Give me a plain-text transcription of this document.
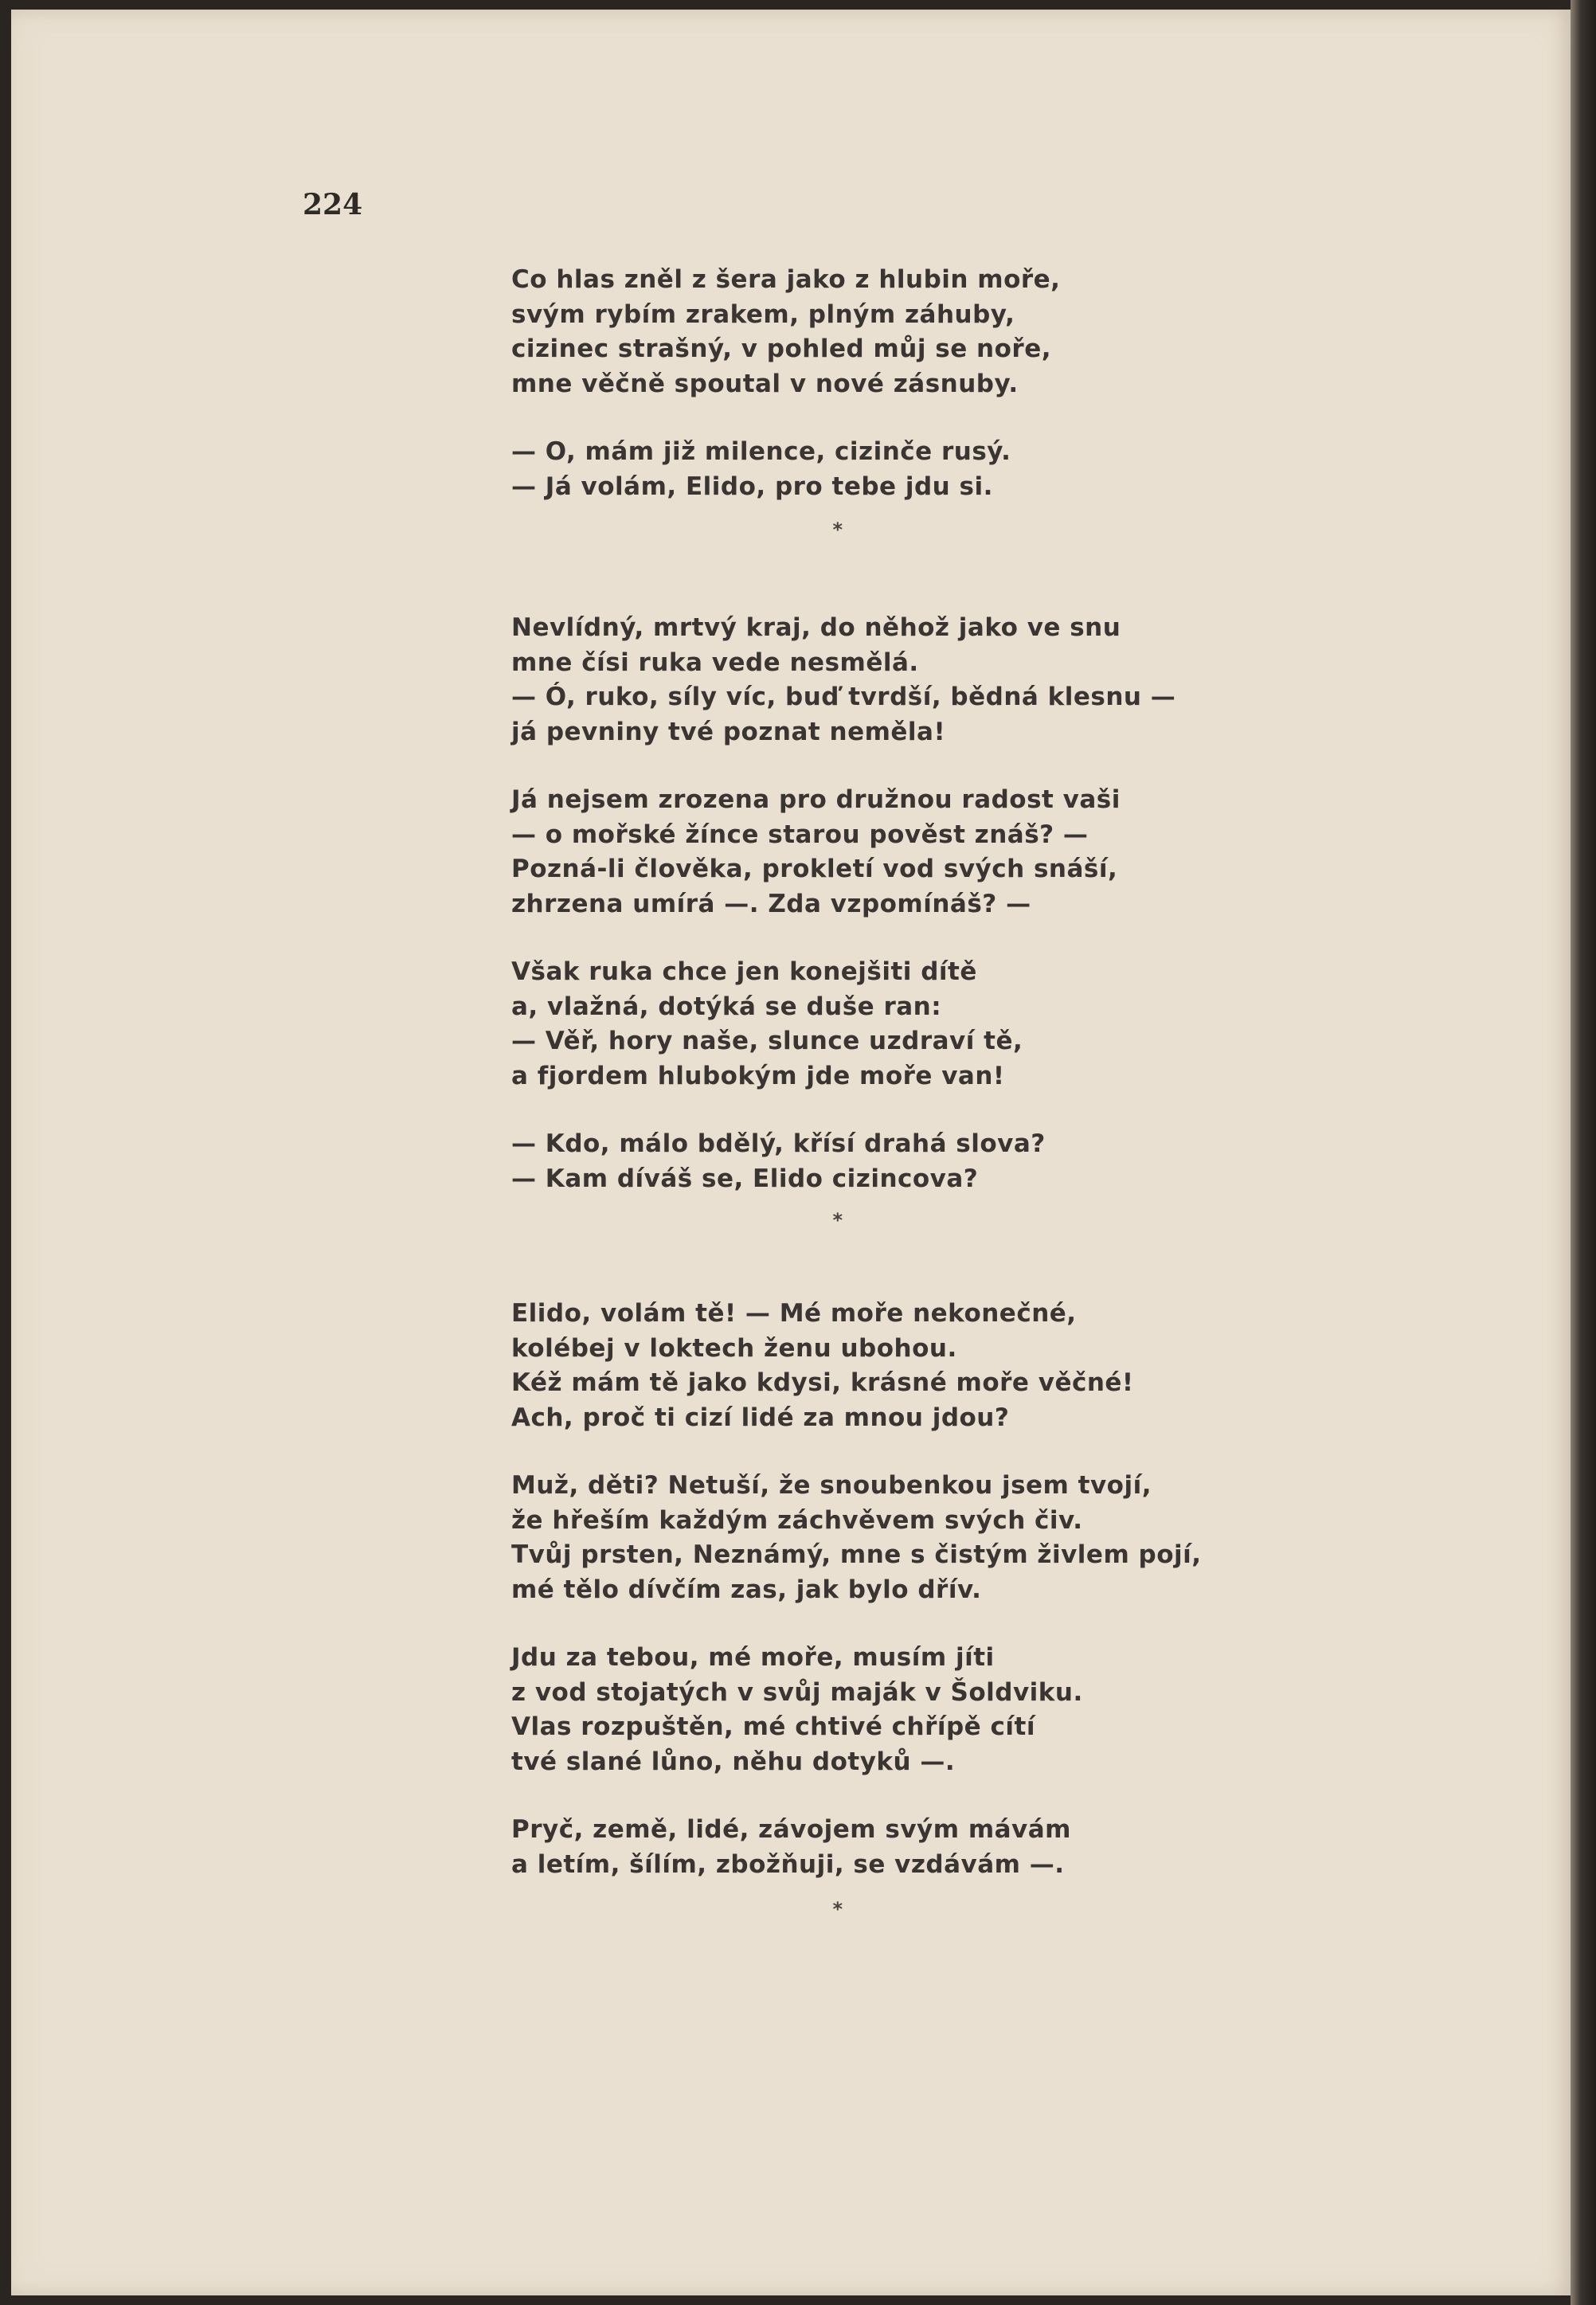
224

Co hlas zněl z šera jako z hlubin moře,
svým rybím zrakem, plným záhuby,
cizinec strašný, v pohled můj se noře,
mne věčně spoutal v nové zásnuby.
— O, mám již milence, cizinče rusý.
— Já volám, Elido, pro tebe jdu si.
*
Nevlídný, mrtvý kraj, do něhož jako ve snu
mne čísi ruka vede nesmělá.
— Ó, ruko, síly víc, buď tvrdší, bědná klesnu —
já pevniny tvé poznat neměla!
Já nejsem zrozena pro družnou radost vaši
— o mořské žínce starou pověst znáš? —
Pozná-li člověka, prokletí vod svých snáší,
zhrzena umírá —. Zda vzpomínáš? —
Však ruka chce jen konejšiti dítě
a, vlažná, dotýká se duše ran:
— Věř, hory naše, slunce uzdraví tě,
a fjordem hlubokým jde moře van!
— Kdo, málo bdělý, křísí drahá slova?
— Kam díváš se, Elido cizincova?
*
Elido, volám tě! — Mé moře nekonečné,
kolébej v loktech ženu ubohou.
Kéž mám tě jako kdysi, krásné moře věčné!
Ach, proč ti cizí lidé za mnou jdou?
Muž, děti? Netuší, že snoubenkou jsem tvojí,
že hřeším každým záchvěvem svých čiv.
Tvůj prsten, Neznámý, mne s čistým živlem pojí,
mé tělo dívčím zas, jak bylo dřív.
Jdu za tebou, mé moře, musím jíti
z vod stojatých v svůj maják v Šoldviku.
Vlas rozpuštěn, mé chtivé chřípě cítí
tvé slané lůno, něhu dotyků —.
Pryč, země, lidé, závojem svým mávám
a letím, šílím, zbožňuji, se vzdávám —.
*
